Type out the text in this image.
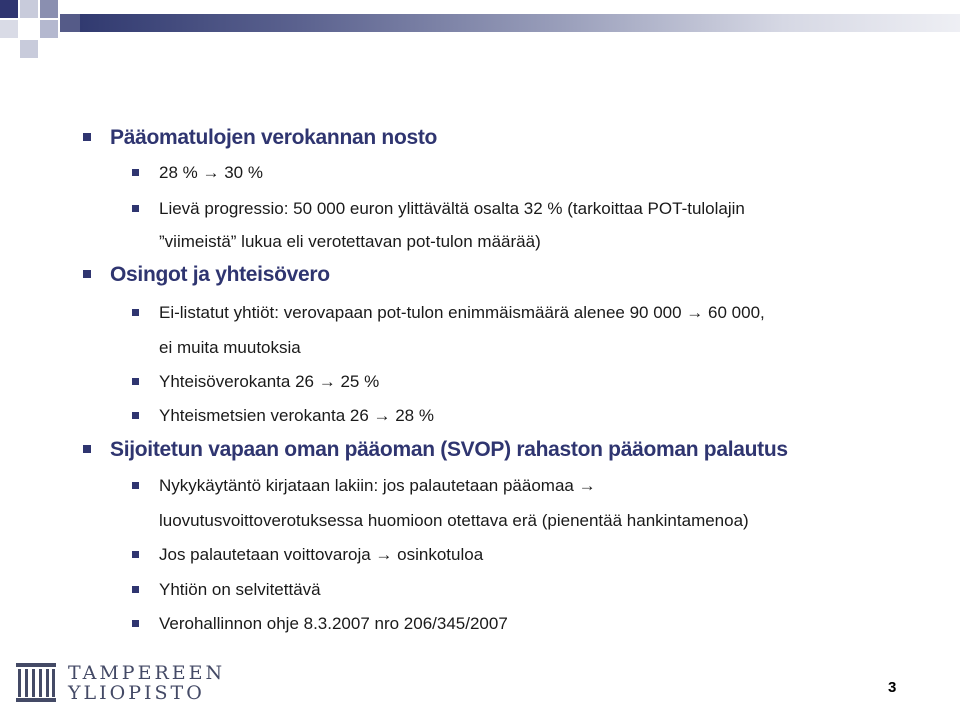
Pääomatulojen verokannan nosto
28 % → 30 %
Lievä progressio: 50 000 euron ylittävältä osalta 32 % (tarkoittaa POT-tulolajin
”viimeistä” lukua eli verotettavan pot-tulon määrää)
Osingot ja yhteisövero
Ei-listatut yhtiöt: verovapaan pot-tulon enimmäismäärä alenee 90 000 → 60 000,
ei muita muutoksia
Yhteisöverokanta 26 → 25 %
Yhteismetsien verokanta 26 → 28 %
Sijoitetun vapaan oman pääoman (SVOP) rahaston pääoman palautus
Nykykäytäntö kirjataan lakiin: jos palautetaan pääomaa →
luovutusvoittoverotuksessa huomioon otettava erä (pienentää hankintamenoa)
Jos palautetaan voittovaroja → osinkotuloa
Yhtiön on selvitettävä
Verohallinnon ohje 8.3.2007 nro 206/345/2007
TAMPEREEN
YLIOPISTO	3
